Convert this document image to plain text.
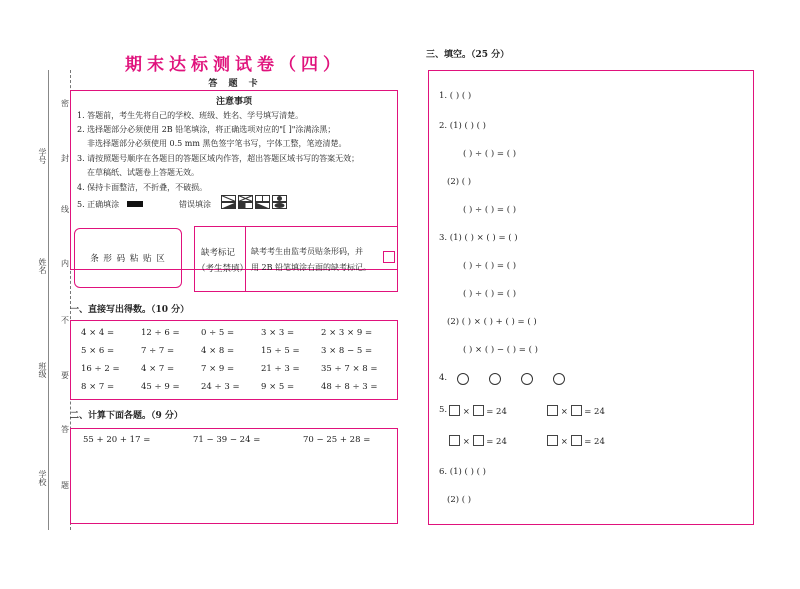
密
封
线
内
不
要
答
题
学号
姓名
班级
学校
期末达标测试卷（四）
答 题 卡
注意事项
1. 答题前，考生先将自己的学校、班级、姓名、学号填写清楚。
2. 选择题部分必须使用 2B 铅笔填涂，将正确选项对应的"[ ]"涂满涂黑；
非选择题部分必须使用 0.5 mm 黑色签字笔书写，字体工整，笔迹清楚。
3. 请按照题号顺序在各题目的答题区域内作答，超出答题区域书写的答案无效；
在草稿纸、试题卷上答题无效。
4. 保持卡面整洁，不折叠，不破损。
5. 正确填涂	错误填涂
条 形 码 粘 贴 区
缺考标记
（考生禁填）
缺考考生由监考员贴条形码，并
用 2B 铅笔填涂右面的缺考标记。
一、直接写出得数。（10 分）
4 × 4 =	12 ÷ 6 =	0 ÷ 5 =	3 × 3 =	2 × 3 × 9 =
5 × 6 =	7 ÷ 7 =	4 × 8 =	15 ÷ 5 =	3 × 8 − 5 =
16 ÷ 2 =	4 × 7 =	7 × 9 =	21 ÷ 3 =	35 ÷ 7 × 8 =
8 × 7 =	45 ÷ 9 =	24 ÷ 3 =	9 × 5 =	48 ÷ 8 ÷ 3 =
二、计算下面各题。（9 分）
55 + 20 + 17 =	71 − 39 − 24 =	70 − 25 + 28 =
三、填空。（25 分）
1. ( ) ( )
2. (1) ( ) ( )
( ) ÷ ( ) = ( )
(2) ( )
( ) ÷ ( ) = ( )
3. (1) ( ) × ( ) = ( )
( ) ÷ ( ) = ( )
( ) ÷ ( ) = ( )
(2) ( ) × ( ) + ( ) = ( )
( ) × ( ) − ( ) = ( )
4.
5.	×  = 24	×  = 24
×  = 24	×  = 24
6. (1) ( ) ( )
(2) ( )
